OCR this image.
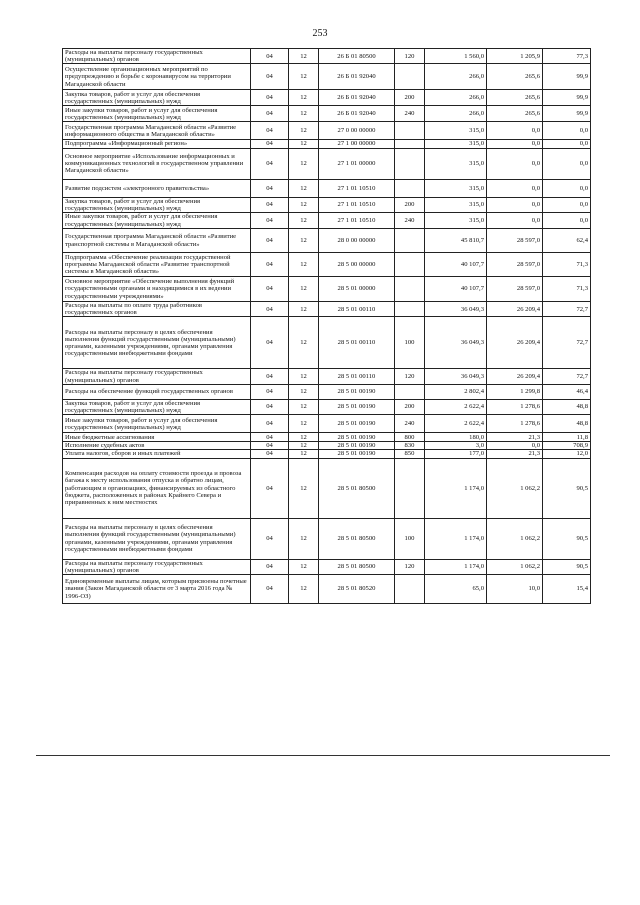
253
Расходы на выплаты персоналу государственных (муниципальных) органов	04	12	26 Б 01 80500	120	1 560,0	1 205,9	77,3
Осуществление организационных мероприятий по предупреждению и борьбе с коронавирусом на территории Магаданской области	04	12	26 Б 01 92040		266,0	265,6	99,9
Закупка товаров, работ и услуг для обеспечения государственных (муниципальных) нужд	04	12	26 Б 01 92040	200	266,0	265,6	99,9
Иные закупки товаров, работ и услуг для обеспечения государственных (муниципальных) нужд	04	12	26 Б 01 92040	240	266,0	265,6	99,9
Государственная программа Магаданской области «Развитие информационного общества в Магаданской области»	04	12	27 0 00 00000		315,0	0,0	0,0
Подпрограмма «Информационный регион»	04	12	27 1 00 00000		315,0	0,0	0,0
Основное мероприятие «Использование информационных и коммуникационных технологий в государственном управлении Магаданской области»	04	12	27 1 01 00000		315,0	0,0	0,0
Развитие подсистем «электронного правительства»	04	12	27 1 01 10510		315,0	0,0	0,0
Закупка товаров, работ и услуг для обеспечения государственных (муниципальных) нужд	04	12	27 1 01 10510	200	315,0	0,0	0,0
Иные закупки товаров, работ и услуг для обеспечения государственных (муниципальных) нужд	04	12	27 1 01 10510	240	315,0	0,0	0,0
Государственная программа Магаданской области «Развитие транспортной системы в Магаданской области»	04	12	28 0 00 00000		45 810,7	28 597,0	62,4
Подпрограмма «Обеспечение реализации государственной программы Магаданской области «Развитие транспортной системы в Магаданской области»	04	12	28 5 00 00000		40 107,7	28 597,0	71,3
Основное мероприятие «Обеспечение выполнения функций государственными органами и находящимися в их ведении государственными учреждениями»	04	12	28 5 01 00000		40 107,7	28 597,0	71,3
Расходы на выплаты по оплате труда работников государственных органов	04	12	28 5 01 00110		36 049,3	26 209,4	72,7
Расходы на выплаты персоналу в целях обеспечения выполнения функций государственными (муниципальными) органами, казенными учреждениями, органами управления государственными внебюджетными фондами	04	12	28 5 01 00110	100	36 049,3	26 209,4	72,7
Расходы на выплаты персоналу государственных (муниципальных) органов	04	12	28 5 01 00110	120	36 049,3	26 209,4	72,7
Расходы на обеспечение функций государственных органов	04	12	28 5 01 00190		2 802,4	1 299,8	46,4
Закупка товаров, работ и услуг для обеспечения государственных (муниципальных) нужд	04	12	28 5 01 00190	200	2 622,4	1 278,6	48,8
Иные закупки товаров, работ и услуг для обеспечения государственных (муниципальных) нужд	04	12	28 5 01 00190	240	2 622,4	1 278,6	48,8
Иные бюджетные ассигнования	04	12	28 5 01 00190	800	180,0	21,3	11,8
Исполнение судебных актов	04	12	28 5 01 00190	830	3,0	0,0	708,9
Уплата налогов, сборов и иных платежей	04	12	28 5 01 00190	850	177,0	21,3	12,0
Компенсация расходов на оплату стоимости проезда и провоза багажа к месту использования отпуска и обратно лицам, работающим в организациях, финансируемых из областного бюджета, расположенных в районах Крайнего Севера и приравненных к ним местностях	04	12	28 5 01 80500		1 174,0	1 062,2	90,5
Расходы на выплаты персоналу в целях обеспечения выполнения функций государственными (муниципальными) органами, казенными учреждениями, органами управления государственными внебюджетными фондами	04	12	28 5 01 80500	100	1 174,0	1 062,2	90,5
Расходы на выплаты персоналу государственных (муниципальных) органов	04	12	28 5 01 80500	120	1 174,0	1 062,2	90,5
Единовременные выплаты лицам, которым присвоены почетные звания (Закон Магаданской области от 3 марта 2016 года № 1996-ОЗ)	04	12	28 5 01 80520		65,0	10,0	15,4
